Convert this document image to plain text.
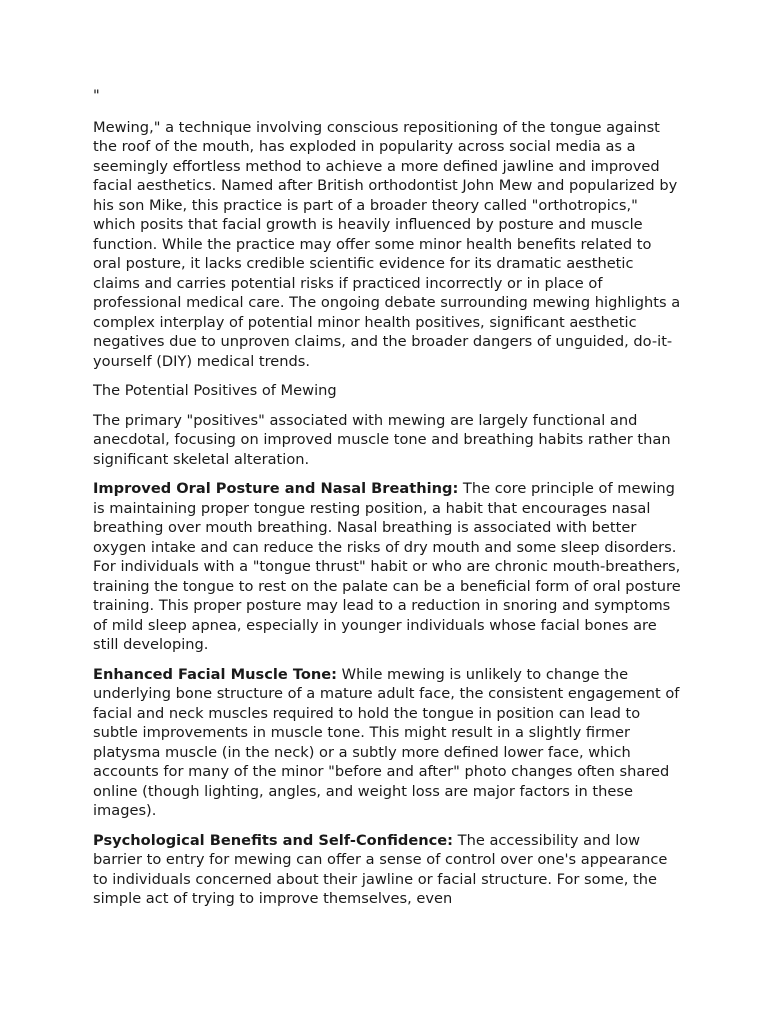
"

Mewing," a technique involving conscious repositioning of the tongue against the roof of the mouth, has exploded in popularity across social media as a seemingly effortless method to achieve a more defined jawline and improved facial aesthetics. Named after British orthodontist John Mew and popularized by his son Mike, this practice is part of a broader theory called "orthotropics," which posits that facial growth is heavily influenced by posture and muscle function. While the practice may offer some minor health benefits related to oral posture, it lacks credible scientific evidence for its dramatic aesthetic claims and carries potential risks if practiced incorrectly or in place of professional medical care. The ongoing debate surrounding mewing highlights a complex interplay of potential minor health positives, significant aesthetic negatives due to unproven claims, and the broader dangers of unguided, do-it-yourself (DIY) medical trends.

The Potential Positives of Mewing

The primary "positives" associated with mewing are largely functional and anecdotal, focusing on improved muscle tone and breathing habits rather than significant skeletal alteration.

Improved Oral Posture and Nasal Breathing: The core principle of mewing is maintaining proper tongue resting position, a habit that encourages nasal breathing over mouth breathing. Nasal breathing is associated with better oxygen intake and can reduce the risks of dry mouth and some sleep disorders. For individuals with a "tongue thrust" habit or who are chronic mouth-breathers, training the tongue to rest on the palate can be a beneficial form of oral posture training. This proper posture may lead to a reduction in snoring and symptoms of mild sleep apnea, especially in younger individuals whose facial bones are still developing.

Enhanced Facial Muscle Tone: While mewing is unlikely to change the underlying bone structure of a mature adult face, the consistent engagement of facial and neck muscles required to hold the tongue in position can lead to subtle improvements in muscle tone. This might result in a slightly firmer platysma muscle (in the neck) or a subtly more defined lower face, which accounts for many of the minor "before and after" photo changes often shared online (though lighting, angles, and weight loss are major factors in these images).

Psychological Benefits and Self-Confidence: The accessibility and low barrier to entry for mewing can offer a sense of control over one's appearance to individuals concerned about their jawline or facial structure. For some, the simple act of trying to improve themselves, even
